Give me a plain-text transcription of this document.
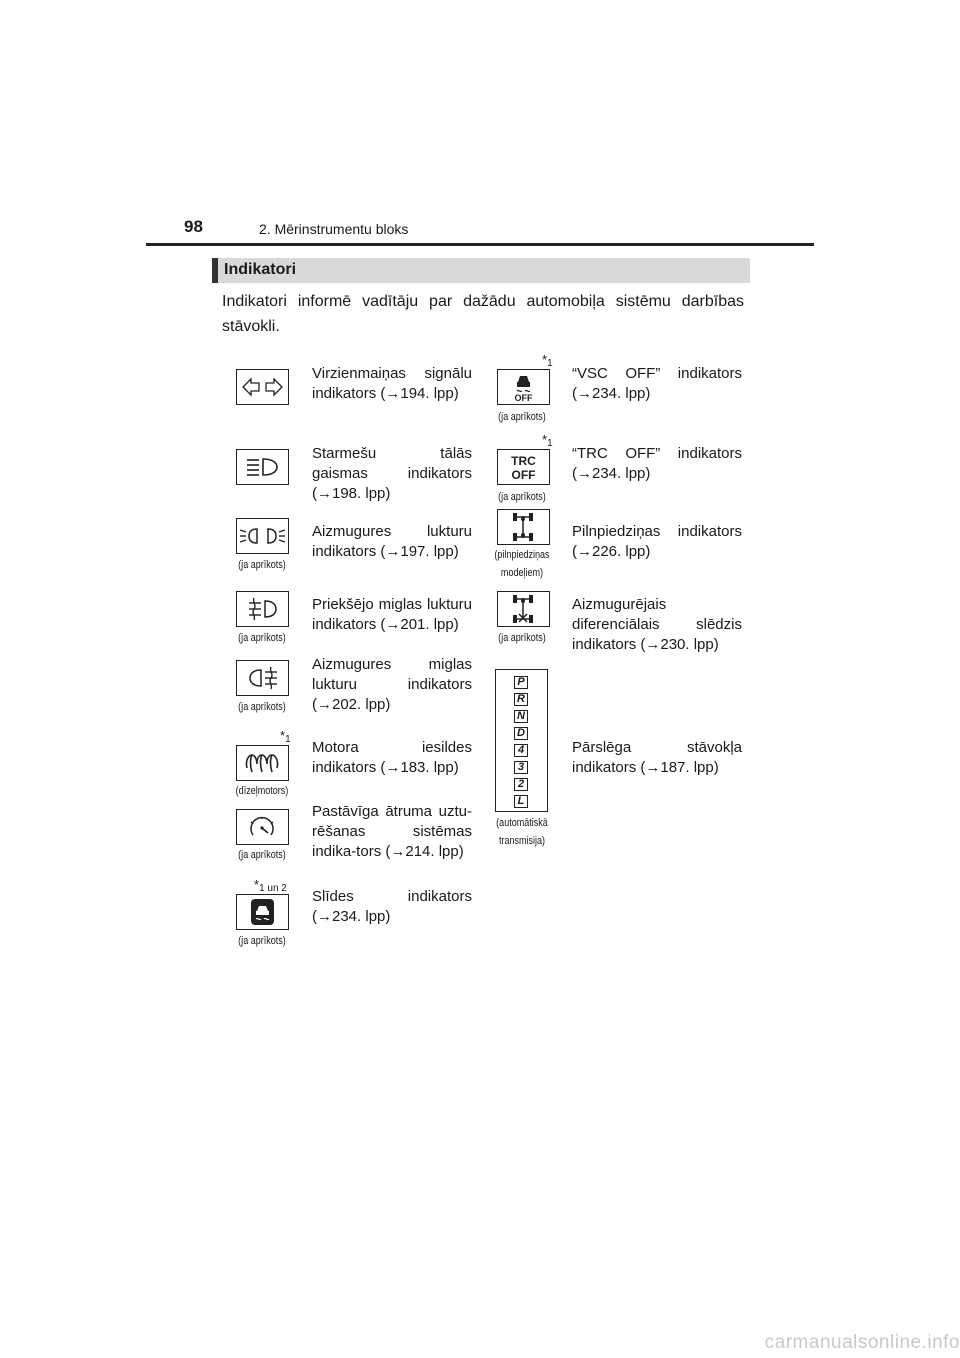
98	2. Mērinstrumentu bloks
Indikatori
Indikatori informē vadītāju par dažādu automobiļa sistēmu darbības stāvokli.
Virzienmaiņas signālu indikators (→194. lpp)
Starmešu tālās gaismas indikators (→198. lpp)
(ja aprīkots)
Aizmugures lukturu indikators (→197. lpp)
(ja aprīkots)
Priekšējo miglas lukturu indikators (→201. lpp)
(ja aprīkots)
Aizmugures miglas lukturu indikators (→202. lpp)
$*_1$
(dīzeļmotors)
Motora iesildes indikators (→183. lpp)
(ja aprīkots)
Pastāvīga ātruma uztu-rēšanas sistēmas indika-tors (→214. lpp)
$*_{1 un 2}$
(ja aprīkots)
Slīdes indikators (→234. lpp)
$*_1$
OFF
(ja aprīkots)
“VSC OFF” indikators (→234. lpp)
$*_1$
TRC
OFF
(ja aprīkots)
“TRC OFF” indikators (→234. lpp)
(pilnpiedziņas
modeļiem)
Pilnpiedziņas indikators (→226. lpp)
(ja aprīkots)
Aizmugurējais diferenciālais slēdzis indikators (→230. lpp)
P
R
N
D
4
3
2
L
(automātiskā
transmisija)
Pārslēga stāvokļa indikators (→187. lpp)
carmanualsonline.info
